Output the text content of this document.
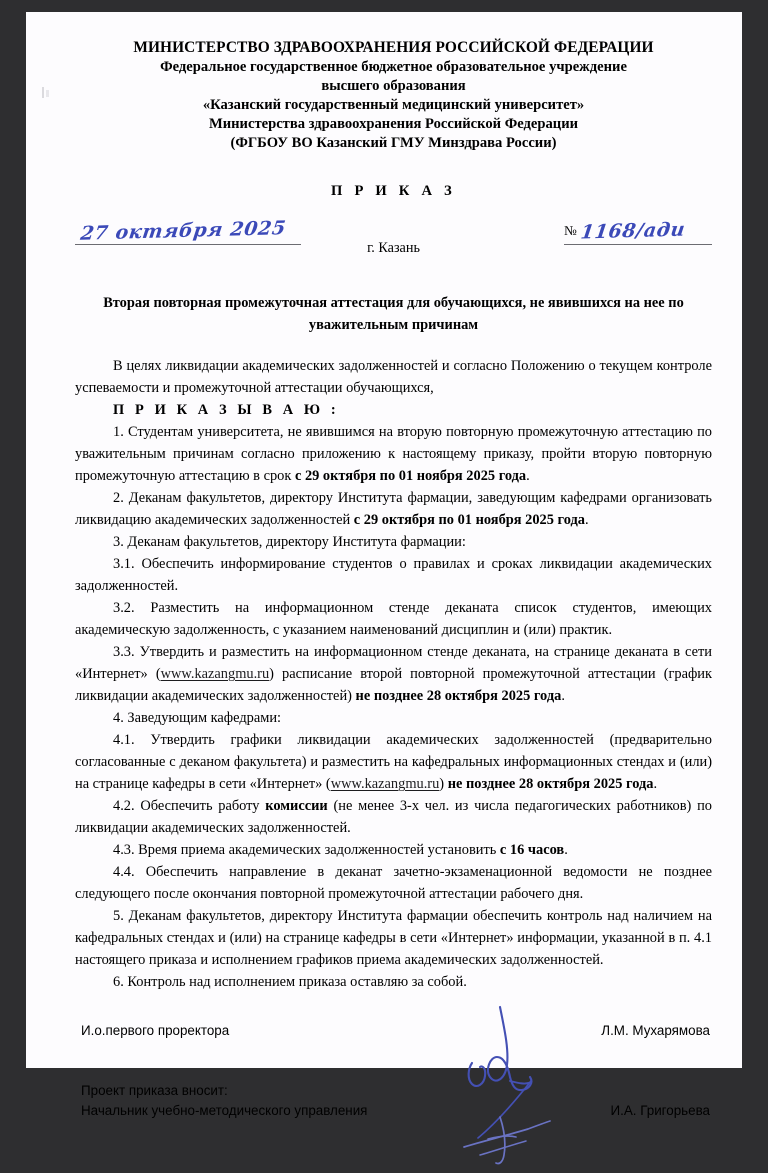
МИНИСТЕРСТВО ЗДРАВООХРАНЕНИЯ РОССИЙСКОЙ ФЕДЕРАЦИИ
Федеральное государственное бюджетное образовательное учреждение
высшего образования
«Казанский государственный медицинский университет»
Министерства здравоохранения Российской Федерации
(ФГБОУ ВО Казанский ГМУ Минздрава России)
П Р И К А З
27 октября 2025
г. Казань
№ 1168/ади
Вторая повторная промежуточная аттестация для обучающихся, не явившихся на нее по уважительным причинам

В целях ликвидации академических задолженностей и согласно Положению о текущем контроле успеваемости и промежуточной аттестации обучающихся,

П Р И К А З Ы В А Ю :

1. Студентам университета, не явившимся на вторую повторную промежуточную аттестацию по уважительным причинам согласно приложению к настоящему приказу, пройти вторую повторную промежуточную аттестацию в срок с 29 октября по 01 ноября 2025 года.

2. Деканам факультетов, директору Института фармации, заведующим кафедрами организовать ликвидацию академических задолженностей с 29 октября по 01 ноября 2025 года.

3. Деканам факультетов, директору Института фармации:

3.1. Обеспечить информирование студентов о правилах и сроках ликвидации академических задолженностей.

3.2. Разместить на информационном стенде деканата список студентов, имеющих академическую задолженность, с указанием наименований дисциплин и (или) практик.

3.3. Утвердить и разместить на информационном стенде деканата, на странице деканата в сети «Интернет» (www.kazangmu.ru) расписание второй повторной промежуточной аттестации (график ликвидации академических задолженностей) не позднее 28 октября 2025 года.

4. Заведующим кафедрами:

4.1. Утвердить графики ликвидации академических задолженностей (предварительно согласованные с деканом факультета) и разместить на кафедральных информационных стендах и (или) на странице кафедры в сети «Интернет» (www.kazangmu.ru) не позднее 28 октября 2025 года.

4.2. Обеспечить работу комиссии (не менее 3-х чел. из числа педагогических работников) по ликвидации академических задолженностей.

4.3. Время приема академических задолженностей установить с 16 часов.

4.4. Обеспечить направление в деканат зачетно-экзаменационной ведомости не позднее следующего после окончания повторной промежуточной аттестации рабочего дня.

5. Деканам факультетов, директору Института фармации обеспечить контроль над наличием на кафедральных стендах и (или) на странице кафедры в сети «Интернет» информации, указанной в п. 4.1 настоящего приказа и исполнением графиков приема академических задолженностей.

6. Контроль над исполнением приказа оставляю за собой.

И.о.первого проректора	Л.М. Мухарямова
Проект приказа вносит:
Начальник учебно-методического управления	И.А. Григорьева
